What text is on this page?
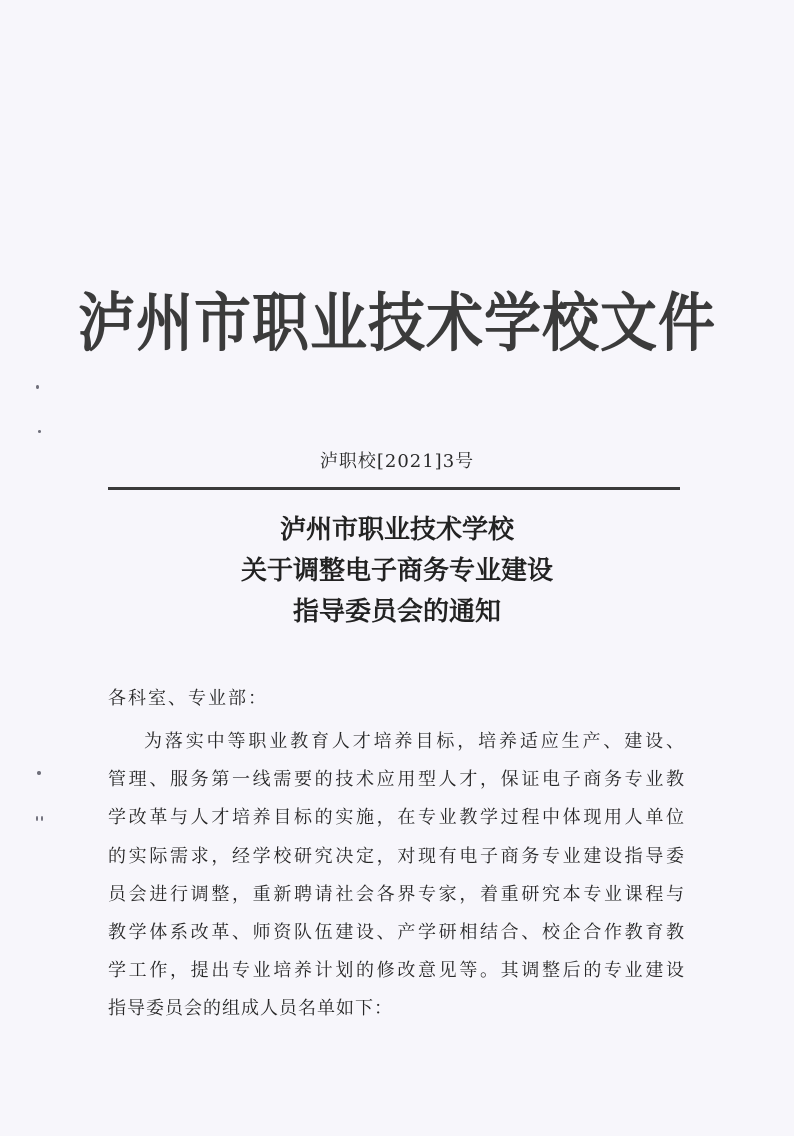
泸州市职业技术学校文件
泸职校[2021]3号
泸州市职业技术学校
关于调整电子商务专业建设
指导委员会的通知
各科室、专业部：
为落实中等职业教育人才培养目标，培养适应生产、建设、
管理、服务第一线需要的技术应用型人才，保证电子商务专业教
学改革与人才培养目标的实施，在专业教学过程中体现用人单位
的实际需求，经学校研究决定，对现有电子商务专业建设指导委
员会进行调整，重新聘请社会各界专家，着重研究本专业课程与
教学体系改革、师资队伍建设、产学研相结合、校企合作教育教
学工作，提出专业培养计划的修改意见等。其调整后的专业建设
指导委员会的组成人员名单如下：
